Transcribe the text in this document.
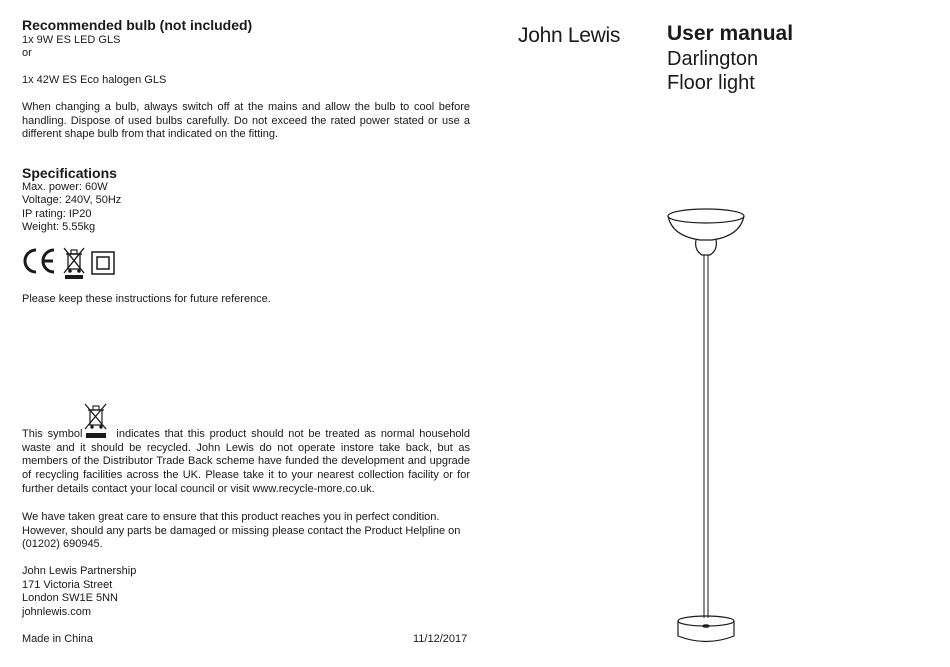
Recommended bulb (not included)
1x 9W ES LED GLS
or
1x 42W ES Eco halogen GLS
When changing a bulb, always switch off at the mains and allow the bulb to cool before handling. Dispose of used bulbs carefully. Do not exceed the rated power stated or use a different shape bulb from that indicated on the fitting.
Specifications
Max. power: 60W
Voltage: 240V, 50Hz
IP rating: IP20
Weight: 5.55kg
Please keep these instructions for future reference.
This symbol	indicates that this product should not be treated as normal household waste and it should be recycled. John Lewis do not operate instore take back, but as members of the Distributor Trade Back scheme have funded the development and upgrade of recycling facilities across the UK. Please take it to your nearest collection facility or for further details contact your local council or visit www.recycle-more.co.uk.
We have taken great care to ensure that this product reaches you in perfect condition. However, should any parts be damaged or missing please contact the Product Helpline on (01202) 690945.
John Lewis Partnership
171 Victoria Street
London SW1E 5NN
johnlewis.com
Made in China	11/12/2017
John Lewis User manual
Darlington
Floor light
